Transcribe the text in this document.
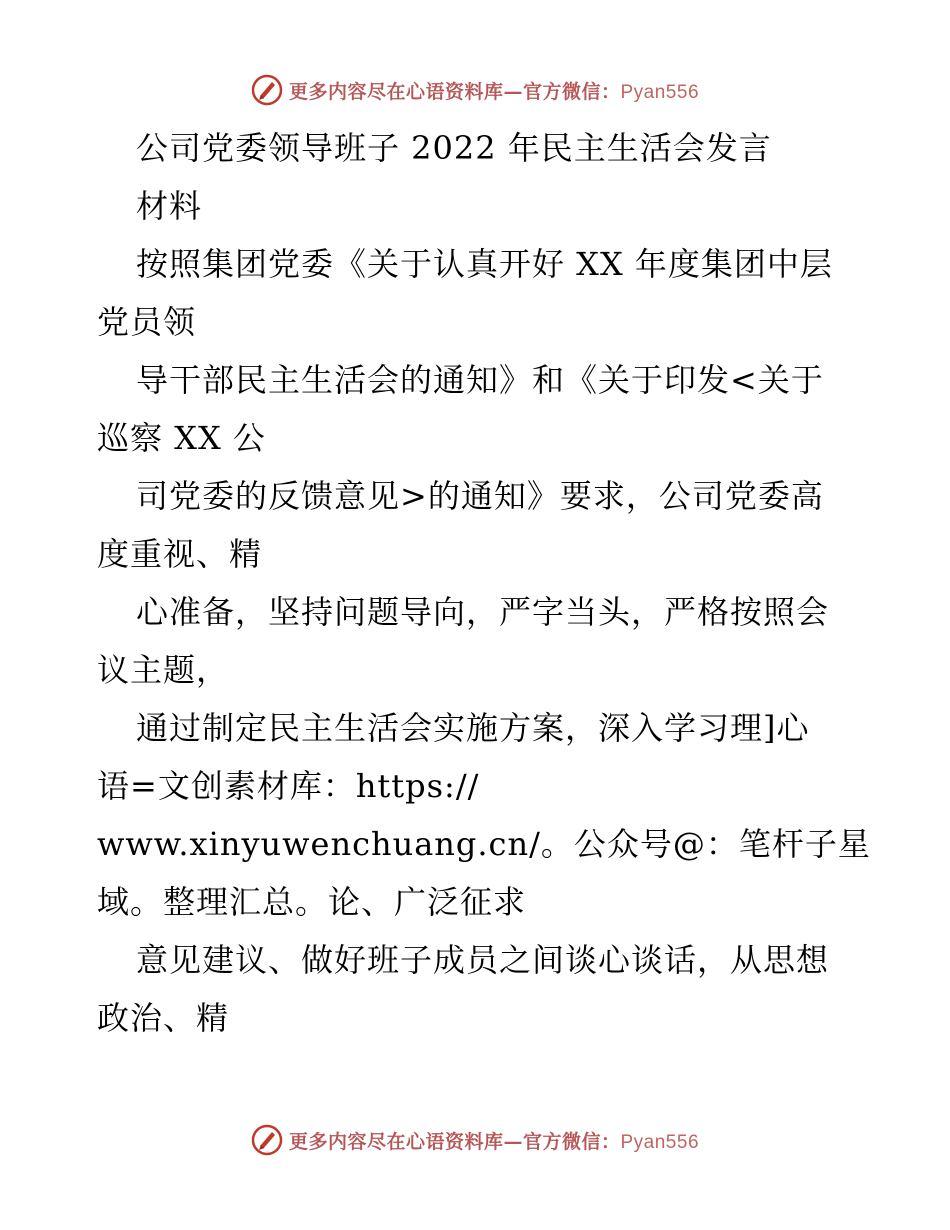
更多内容尽在心语资料库—官方微信：Pyan556

公司党委领导班子 2022 年民主生活会发言

材料

按照集团党委《关于认真开好 XX 年度集团中层

党员领

导干部民主生活会的通知》和《关于印发<关于

巡察 XX 公

司党委的反馈意见>的通知》要求，公司党委高

度重视、精

心准备，坚持问题导向，严字当头，严格按照会

议主题，

通过制定民主生活会实施方案，深入学习理]心

语=文创素材库：https://

www.xinyuwenchuang.cn/。公众号@：笔杆子星

域。整理汇总。论、广泛征求

意见建议、做好班子成员之间谈心谈话，从思想

政治、精

更多内容尽在心语资料库—官方微信：Pyan556
